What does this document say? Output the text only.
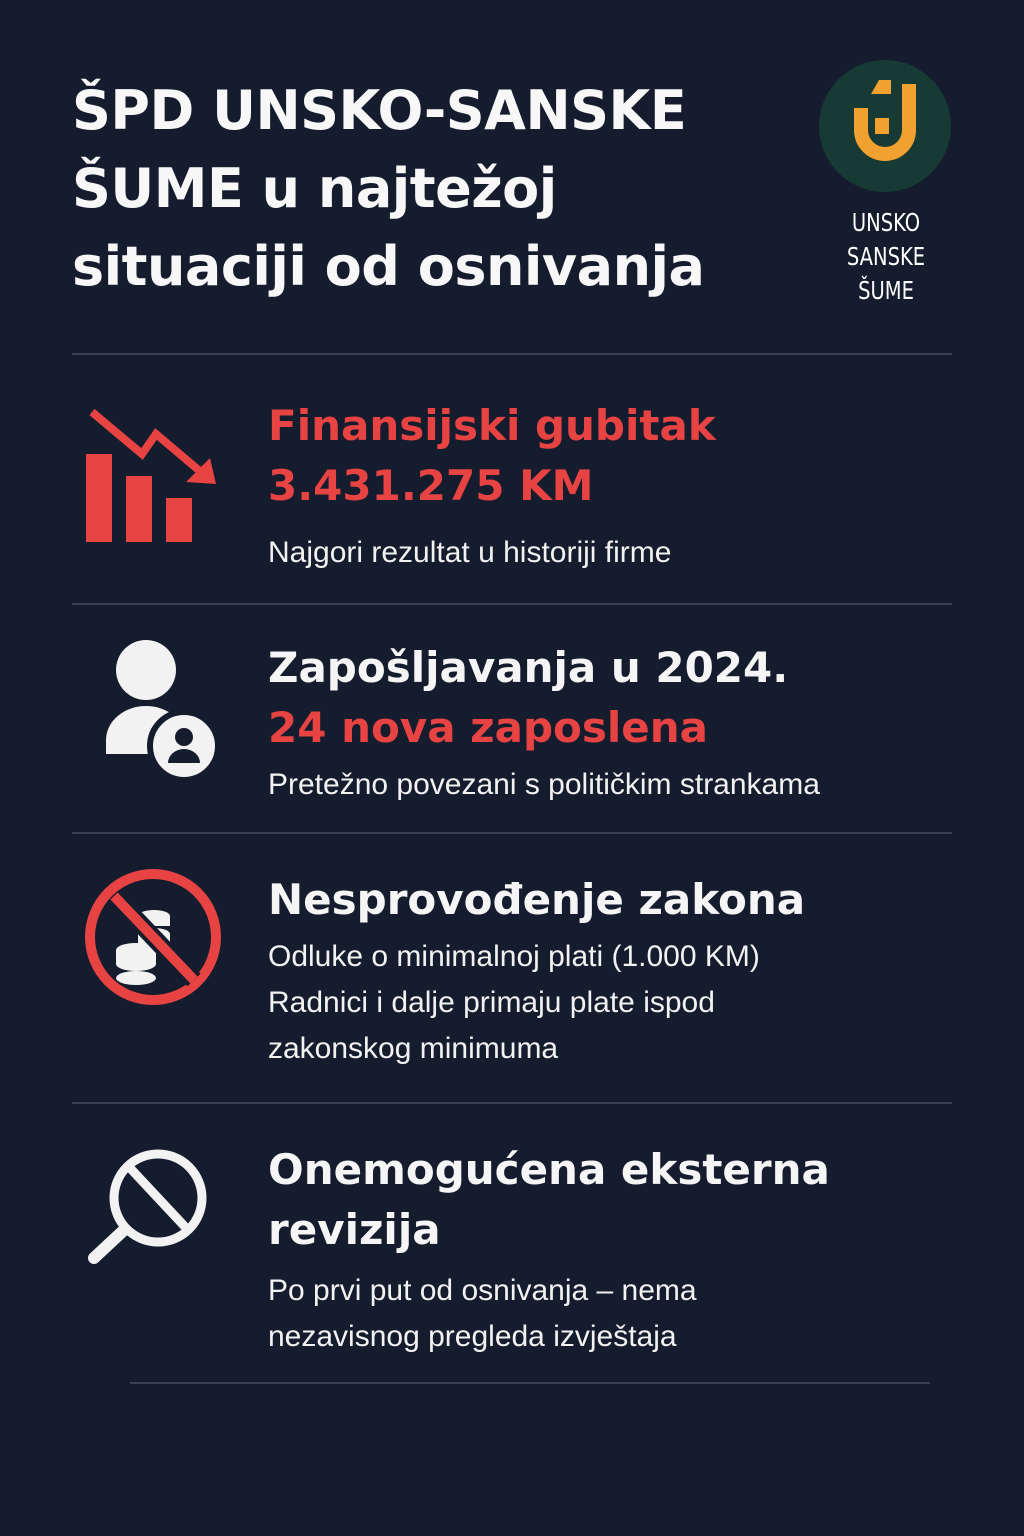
ŠPD UNSKO-SANSKE
ŠUME u najtežoj
situaciji od osnivanja
UNSKO SANSKE ŠUME

Finansijski gubitak

3.431.275 KM

Najgori rezultat u historiji firme

Zapošljavanja u 2024.

24 nova zaposlena

Pretežno povezani s političkim strankama

Nesprovođenje zakona

Odluke o minimalnoj plati (1.000 KM)

Radnici i dalje primaju plate ispod

zakonskog minimuma

Onemogućena eksterna revizija

Po prvi put od osnivanja – nema

nezavisnog pregleda izvještaja
